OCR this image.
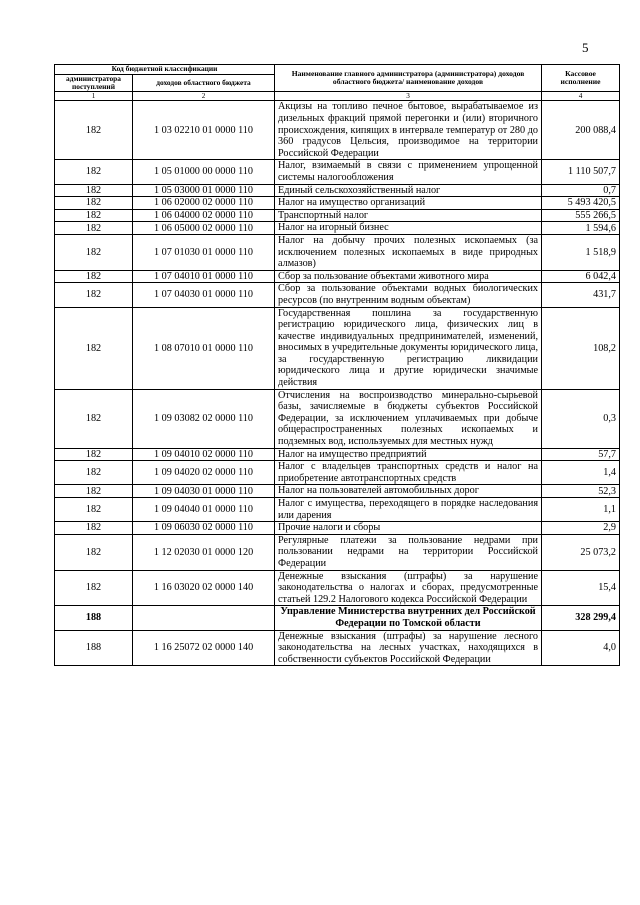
5
Код бюджетной классификации		Наименование главного администратора (администратора) доходов областного бюджета/ наименование доходов	Кассовое исполнение
администратора поступлений	доходов областного бюджета		
1	2	3	4
182	1 03 02210 01 0000 110	Акцизы на топливо печное бытовое, вырабатываемое из дизельных фракций прямой перегонки и (или) вторичного происхождения, кипящих в интервале температур от 280 до 360 градусов Цельсия, производимое на территории Российской Федерации	200 088,4
182	1 05 01000 00 0000 110	Налог, взимаемый в связи с применением упрощенной системы налогообложения	1 110 507,7
182	1 05 03000 01 0000 110	Единый сельскохозяйственный налог	0,7
182	1 06 02000 02 0000 110	Налог на имущество организаций	5 493 420,5
182	1 06 04000 02 0000 110	Транспортный налог	555 266,5
182	1 06 05000 02 0000 110	Налог на игорный бизнес	1 594,6
182	1 07 01030 01 0000 110	Налог на добычу прочих полезных ископаемых (за исключением полезных ископаемых в виде природных алмазов)	1 518,9
182	1 07 04010 01 0000 110	Сбор за пользование объектами животного мира	6 042,4
182	1 07 04030 01 0000 110	Сбор за пользование объектами водных биологических ресурсов (по внутренним водным объектам)	431,7
182	1 08 07010 01 0000 110	Государственная пошлина за государственную регистрацию юридического лица, физических лиц в качестве индивидуальных предпринимателей, изменений, вносимых в учредительные документы юридического лица, за государственную регистрацию ликвидации юридического лица и другие юридически значимые действия	108,2
182	1 09 03082 02 0000 110	Отчисления на воспроизводство минерально-сырьевой базы, зачисляемые в бюджеты субъектов Российской Федерации, за исключением уплачиваемых при добыче общераспространенных полезных ископаемых и подземных вод, используемых для местных нужд	0,3
182	1 09 04010 02 0000 110	Налог на имущество предприятий	57,7
182	1 09 04020 02 0000 110	Налог с владельцев транспортных средств и налог на приобретение автотранспортных средств	1,4
182	1 09 04030 01 0000 110	Налог на пользователей автомобильных дорог	52,3
182	1 09 04040 01 0000 110	Налог с имущества, переходящего в порядке наследования или дарения	1,1
182	1 09 06030 02 0000 110	Прочие налоги и сборы	2,9
182	1 12 02030 01 0000 120	Регулярные платежи за пользование недрами при пользовании недрами на территории Российской Федерации	25 073,2
182	1 16 03020 02 0000 140	Денежные взыскания (штрафы) за нарушение законодательства о налогах и сборах, предусмотренные статьей 129.2 Налогового кодекса Российской Федерации	15,4
188		Управление Министерства внутренних дел Российской Федерации по Томской области	328 299,4
188	1 16 25072 02 0000 140	Денежные взыскания (штрафы) за нарушение лесного законодательства на лесных участках, находящихся в собственности субъектов Российской Федерации	4,0
